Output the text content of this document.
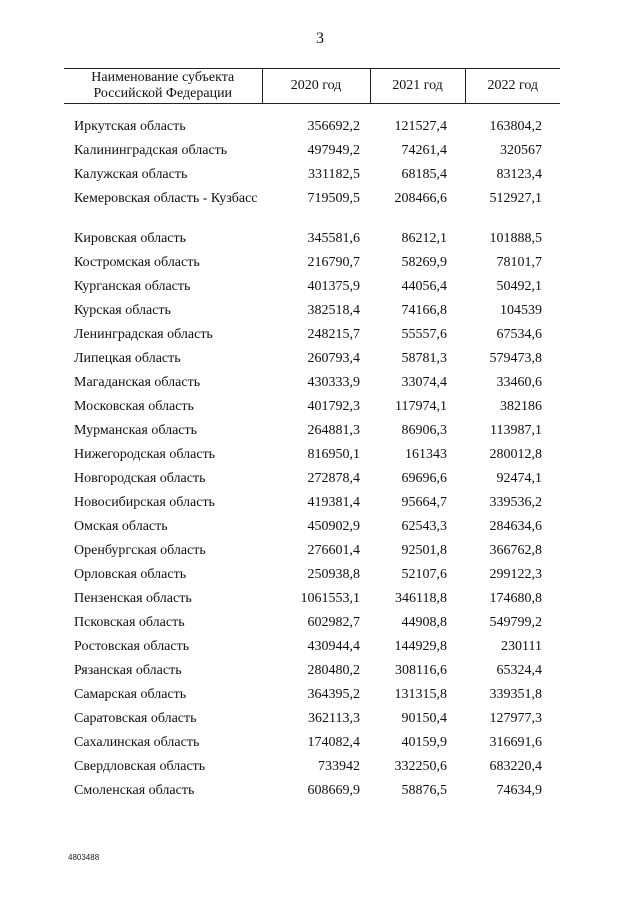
3
Наименование субъекта Российской Федерации	2020 год	2021 год	2022 год

Иркутская область	356692,2	121527,4	163804,2
Калининградская область	497949,2	74261,4	320567
Калужская область	331182,5	68185,4	83123,4
Кемеровская область - Кузбасс	719509,5	208466,6	512927,1
Кировская область	345581,6	86212,1	101888,5
Костромская область	216790,7	58269,9	78101,7
Курганская область	401375,9	44056,4	50492,1
Курская область	382518,4	74166,8	104539
Ленинградская область	248215,7	55557,6	67534,6
Липецкая область	260793,4	58781,3	579473,8
Магаданская область	430333,9	33074,4	33460,6
Московская область	401792,3	117974,1	382186
Мурманская область	264881,3	86906,3	113987,1
Нижегородская область	816950,1	161343	280012,8
Новгородская область	272878,4	69696,6	92474,1
Новосибирская область	419381,4	95664,7	339536,2
Омская область	450902,9	62543,3	284634,6
Оренбургская область	276601,4	92501,8	366762,8
Орловская область	250938,8	52107,6	299122,3
Пензенская область	1061553,1	346118,8	174680,8
Псковская область	602982,7	44908,8	549799,2
Ростовская область	430944,4	144929,8	230111
Рязанская область	280480,2	308116,6	65324,4
Самарская область	364395,2	131315,8	339351,8
Саратовская область	362113,3	90150,4	127977,3
Сахалинская область	174082,4	40159,9	316691,6
Свердловская область	733942	332250,6	683220,4
Смоленская область	608669,9	58876,5	74634,9
4803488
